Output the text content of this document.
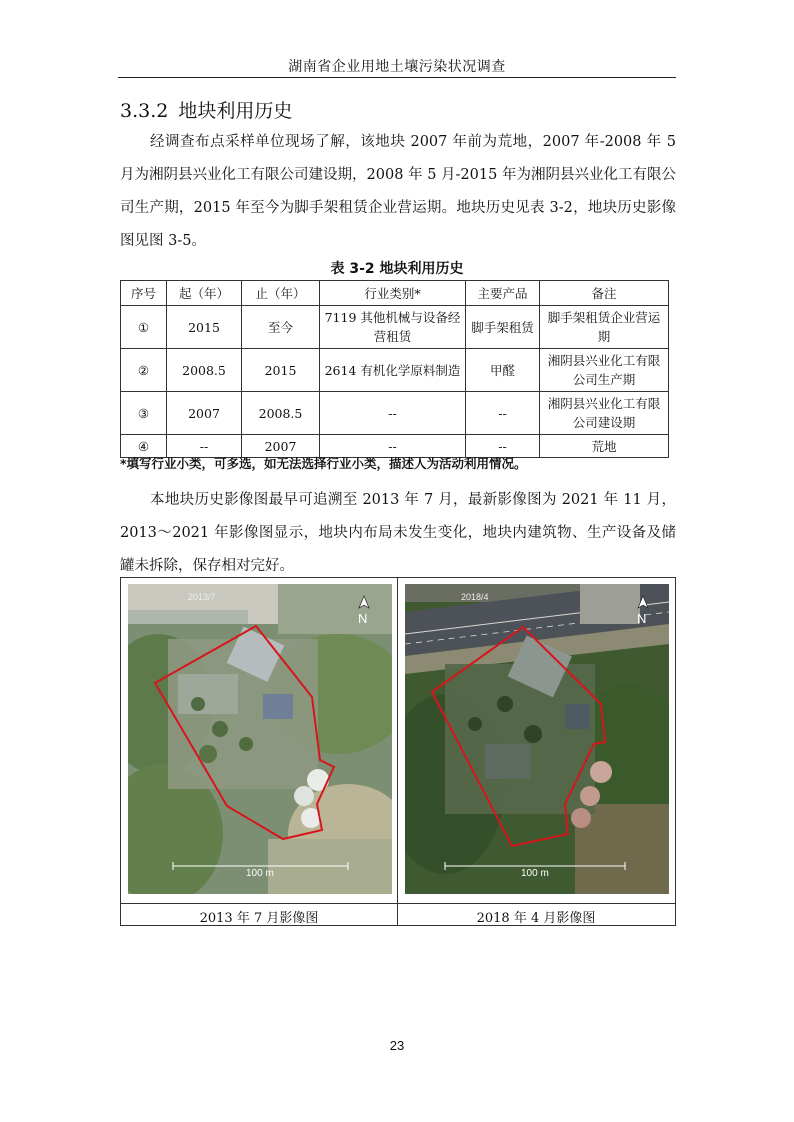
湖南省企业用地土壤污染状况调查
3.3.2 地块利用历史

经调查布点采样单位现场了解，该地块 2007 年前为荒地，2007 年-2008 年 5 月为湘阴县兴业化工有限公司建设期，2008 年 5 月-2015 年为湘阴县兴业化工有限公司生产期，2015 年至今为脚手架租赁企业营运期。地块历史见表 3-2，地块历史影像图见图 3-5。

表 3-2 地块利用历史
序号	起（年）	止（年）	行业类别*	主要产品	备注
①	2015	至今	7119 其他机械与设备经营租赁	脚手架租赁	脚手架租赁企业营运期
②	2008.5	2015	2614 有机化学原料制造	甲醛	湘阴县兴业化工有限公司生产期
③	2007	2008.5	--	--	湘阴县兴业化工有限公司建设期
④	--	2007	--	--	荒地
*填写行业小类，可多选，如无法选择行业小类，描述人为活动利用情况。

本地块历史影像图最早可追溯至 2013 年 7 月，最新影像图为 2021 年 11 月，2013～2021 年影像图显示，地块内布局未发生变化，地块内建筑物、生产设备及储罐未拆除，保存相对完好。

2013/7
N
100 m
2018/4
N
100 m
2013 年 7 月影像图	2018 年 4 月影像图
23
